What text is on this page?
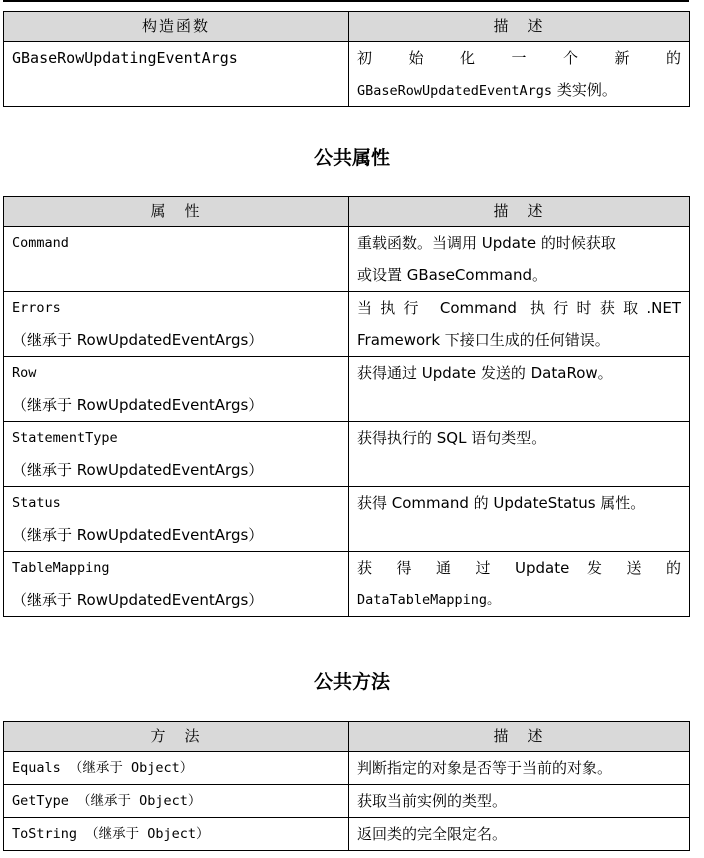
构造函数	描　述

GBaseRowUpdatingEventArgs	初 始 化 一 个 新 的
GBaseRowUpdatedEventArgs 类实例。
公共属性
属　性	描　述

Command	重载函数。当调用 Update 的时候获取
或设置 GBaseCommand。

Errors
（继承于 RowUpdatedEventArgs）	当执行 Command 执行时获取.NET
Framework 下接口生成的任何错误。

Row
（继承于 RowUpdatedEventArgs）	获得通过 Update 发送的 DataRow。

StatementType
（继承于 RowUpdatedEventArgs）	获得执行的 SQL 语句类型。

Status
（继承于 RowUpdatedEventArgs）	获得 Command 的 UpdateStatus 属性。

TableMapping
（继承于 RowUpdatedEventArgs）	获 得 通 过 Update 发 送 的
DataTableMapping。
公共方法
方　法	描　述

Equals （继承于 Object）	判断指定的对象是否等于当前的对象。

GetType （继承于 Object）	获取当前实例的类型。

ToString （继承于 Object）	返回类的完全限定名。
